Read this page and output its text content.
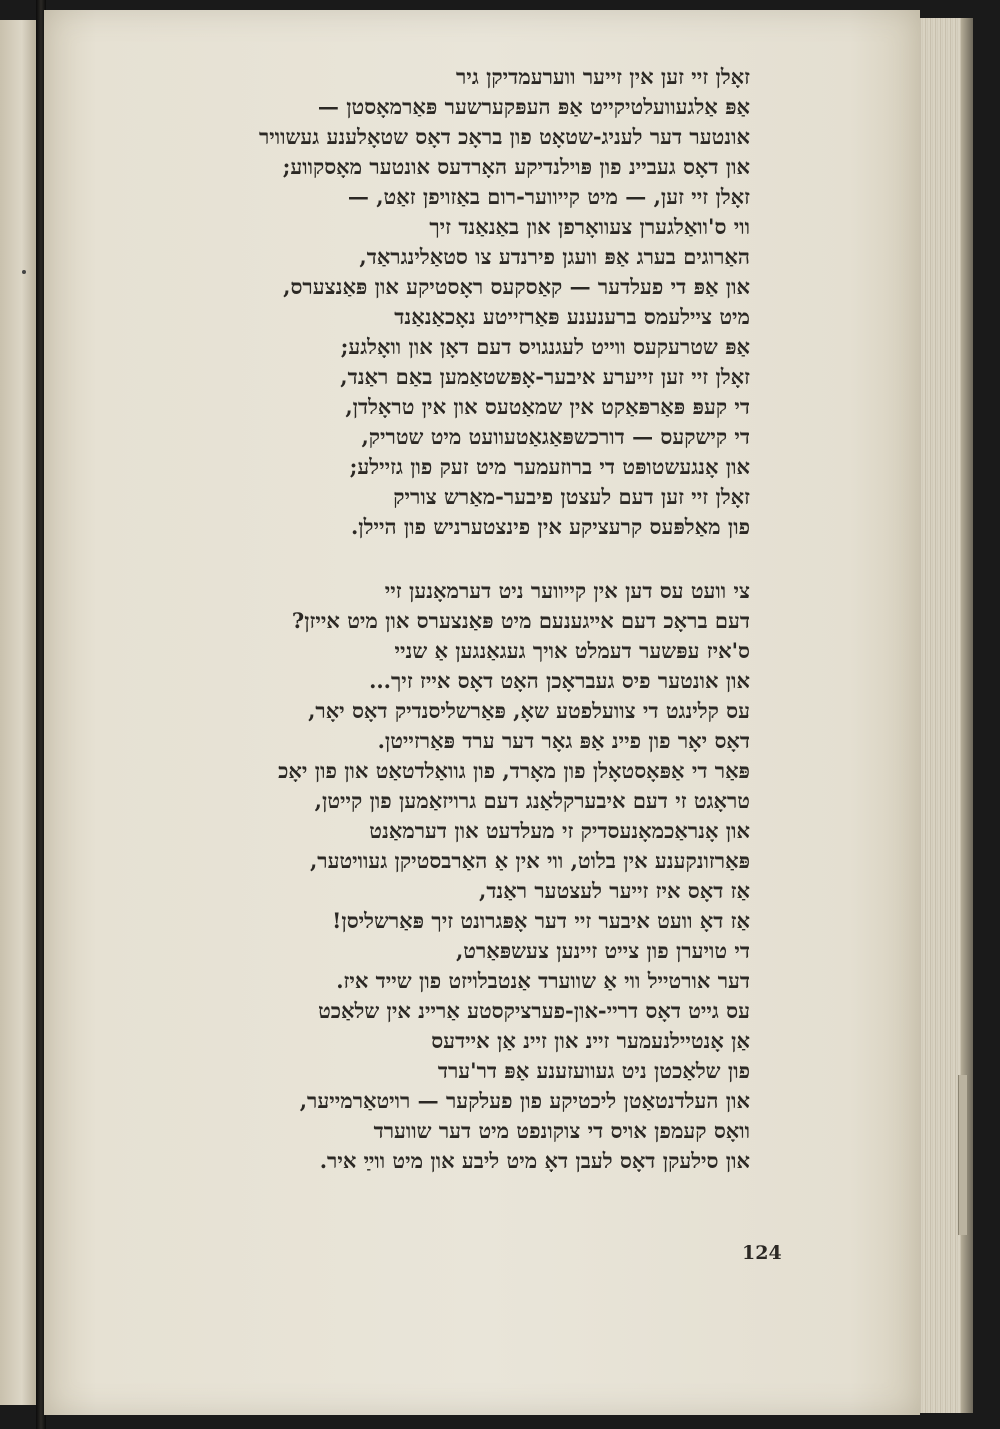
זאָלן זיי זען אין זייער ווערעמדיקן גיר
אַפּ אַלגעוועלטיקייט אַפּ העפּקערשער פּאַרמאָסטן —
אונטער דער לעניג-שטאָט פון בראָכ דאָס שטאָלענע געשוויר
און דאָס געביינ פון פּוילנדיקע האָרדעס אונטער מאָסקווע;
זאָלן זיי זען, — מיט קייווער-רום באַזויפן זאַט, —
ווי ס'וואַלגערן צעוואָרפן און באַנאַנד זיך
האַרוגים בערג אַפּ וועגן פירנדע צו סטאַלינגראַד,
און אַפּ די פעלדער — קאַסקעס ראָסטיקע און פּאַנצערס,
מיט ציילעמס ברענענע פּאַרזייטע נאָכאַנאַנד
אַפּ שטרעקעס ווייט לעגנגויס דעם דאָן און וואָלגע;
זאָלן זיי זען זייערע איבער-אָפּשטאַמען באַם ראַנד,
די קעפּ פּאַרפּאַקט אין שמאַטעס און אין טראָלדן,
די קישקעס — דורכשפּאַגאַטעוועט מיט שטריק,
און אָנגעשטופּט די ברוזעמער מיט זעק פון גזיילע;
זאָלן זיי זען דעם לעצטן פיבער-מאַרש צוריק
פון מאַלפּעס קרעציקע אין פינצטערניש פון היילן.
צי וועט עס דען אין קייווער ניט דערמאָנען זיי
דעם בראָכ דעם אײגענעם מיט פּאַנצערס און מיט אייזן?
ס'איז עפּשער דעמלט אויך געגאַנגען אַ שניי
און אונטער פיס געבראָכן האָט דאָס אייז זיך...
עס קלינגט די צוועלפטע שאָ, פּאַרשליסנדיק דאָס יאָר,
דאָס יאָר פון פיינ אַפּ גאָר דער ערד פּאַרזייטן.
פּאַר די אַפּאָסטאָלן פון מאָרד, פון גוואַלדטאַט און פון יאָכ
טראָגט זי דעם איבערקלאַנג דעם גרויזאַמען פון קייטן,
און אָנראַכמאָנעסדיק זי מעלדעט און דערמאַנט
פּאַרזונקענע אין בלוט, ווי אין אַ האַרבסטיקן געוויטער,
אַז דאָס איז זייער לעצטער ראַנד,
אַז דאָ וועט איבער זיי דער אָפּגרונט זיך פּאַרשליסן!
די טויערן פון צייט זיינען צעשפּאַרט,
דער אורטייל ווי אַ שווערד אַנטבלויזט פון שייד איז.
עס גייט דאָס דריי-און-פערציקסטע אַריינ אין שלאַכט
אַן אָנטיילנעמער זיינ און זיינ אַן איידעס
פון שלאַכטן ניט געוועזענע אַפּ דר'ערד
און העלדנטאַטן ליכטיקע פון פעלקער — רויטאַרמייער,
וואָס קעמפן אויס די צוקונפט מיט דער שווערד
און סילעקן דאָס לעבן דאָ מיט ליבע און מיט ווײַ איר.
124
